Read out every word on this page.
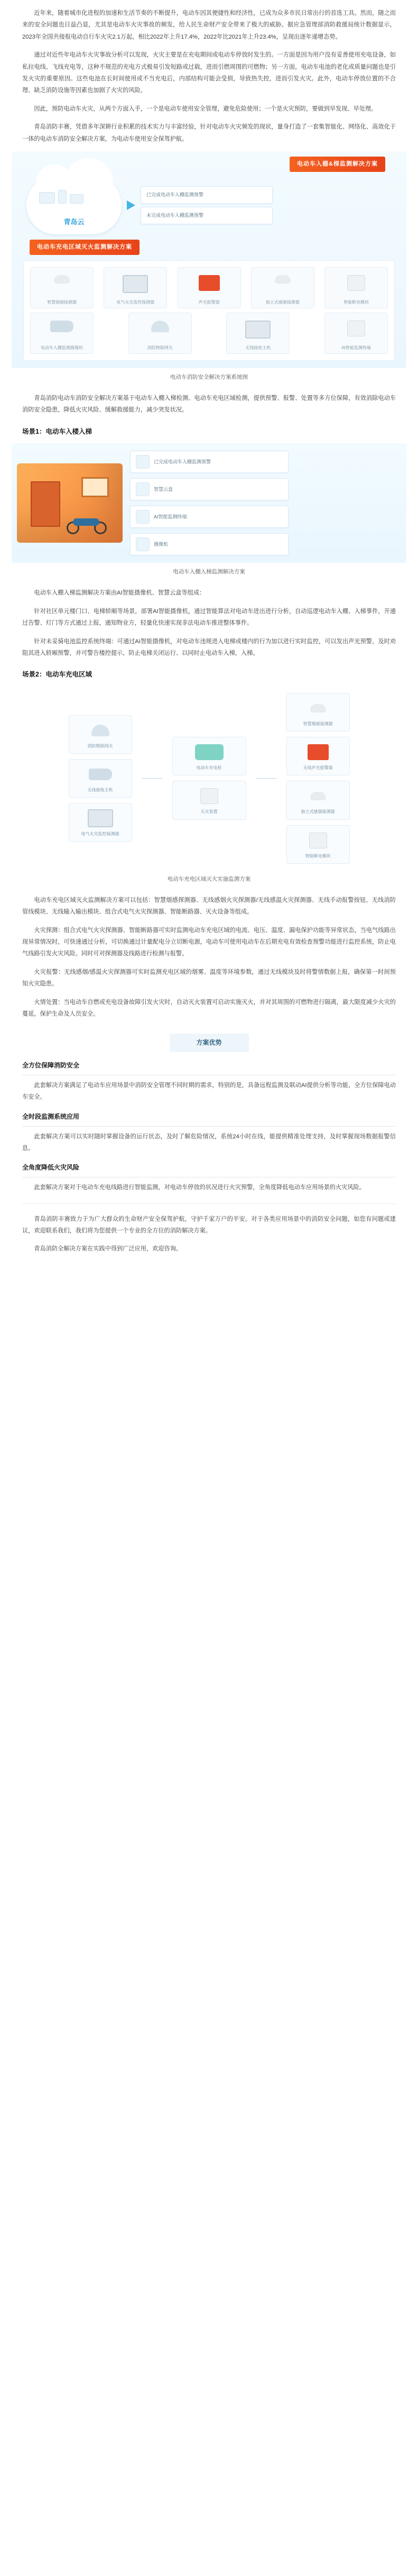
近年来，随着城市化进程的加速和生活节奏的不断提升，电动车因其便捷性和经济性，已成为众多市民日常出行的首选工具。然而，随之而来的安全问题也日益凸显，尤其是电动车火灾事故的频发，给人民生命财产安全带来了极大的威胁。据应急管理部消防救援局统计数据显示，2023年全国共接报电动自行车火灾2.1万起，相比2022年上升17.4%，2022年比2021年上升23.4%，呈现出逐年递增态势。

通过对近些年电动车火灾事故分析可以发现，火灾主要是在充电期间或电动车停放时发生的。一方面是因为用户没有妥善使用充电设备，如私拉电线、飞线充电等，这种不规范的充电方式极易引发短路或过载，进而引燃周围的可燃物；另一方面，电动车电池的老化或质量问题也是引发火灾的重要原因。这些电池在长时间使用或不当充电后，内部结构可能会受损，导致热失控，进而引发火灾。此外，电动车停放位置的不合理、缺乏消防设施等因素也加剧了火灾的风险。

因此，预防电动车火灾，从两个方面入手，一个是电动车使用安全管理，避免危险使用；一个是火灾预防，要做到早发现、早处理。

青岛消防丰赛，凭借多年深耕行业积累的技术实力与丰富经验，针对电动车火灾频发的现状，量身打造了一套集智能化、网络化、高效化于一体的电动车消防安全解决方案，为电动车使用安全保驾护航。

电动车入棚&梯监测解决方案
青岛云
已完成电动车入棚监测预警
未完成电动车入棚监测预警
电动车充电区域灭火监测解决方案
智慧烟感探测器	电气火灾监控探测器	声光报警器	独立式感烟探测器	智能断电模块
电动车入棚监测摄像机	消防物联网关	无线接收主机	AI智能监测终端
电动车消防安全解决方案系统图

青岛消防电动车消防安全解决方案基于电动车入棚入梯检测、电动车充电区域检测，提供预警、报警、处置等多方位保障，有效消除电动车消防安全隐患，降低火灾风险、缓解救援能力，减少突发状况。

场景1：电动车入楼入梯
已完成电动车入棚监测预警
智慧云盒
AI智能监测终端
摄像机
电动车入棚入梯监测解决方案

电动车入棚入梯监测解决方案由AI智能摄像机、智慧云盒等组成：

针对社区单元楼门口、电梯轿厢等场景，部署AI智能摄像机，通过智能算法对电动车进出进行分析，自动巡逻电动车入棚、入梯事件，开通过告警、灯门等方式通过上报，通知物业方，轻量化快速实现非法电动车推进整体事件。

针对未妥骑电池监控系统终端：可通过AI智能摄像机，对电动车违规进入电梯或楼内的行为加以进行实时监控，可以发出声光预警，及时劝阻其进入轿厢预警，并可警告楼控提示，防止电梯关闭运行、以同时止电动车入梯，入梯。

场景2：电动车充电区域
消防物联网关
无线接收主机
电气火灾监控探测器
电动车充电桩
灭火装置
智慧烟感探测器
无线声光报警器
独立式感烟探测器
智能断电模块
电动车充电区域灭火实施监测方案

电动车充电区域灭火监测解决方案可以包括：智慧烟感探测器、无线感烟火灾探测器/无线感温火灾探测器、无线手动报警按钮、无线消防管线模块、无线输入输出模块、组合式电气火灾探测器、智能断路器、灭火设备等组成。

火灾探测：组合式电气火灾探测器、智能断路器可实时监测电动车充电区域的电流、电压、温度、漏电保护功能等异常状态，当电气线路出现异常情况时，可快速通过分析，可切换通过计量配电分立切断电源，电动车可使用电动车在后期充电有效检查预警功能进行监控系统，防止电气线路引发火灾风险。同时可对探测器及线路进行检测与报警。

火灾报警：无线感烟/感温火灾探测器可实时监测充电区域的烟雾、温度等环境参数，通过无线模块及时将警情数据上报，确保第一时间预知火灾隐患。

火情处置：当电动车自燃或充电设备故障引发火灾时，自动灭火装置可启动实施灭火，并对其周围的可燃物进行隔离，最大限度减少火灾的蔓延，保护生命及人员安全。

方案优势
全方位保障消防安全

此套解决方案满足了电动车应用场景中消防安全管理不同时期的需求，特别的是，具备远程监测及联动AI提供分析等功能，全方位保障电动车安全。

全时段监测系统应用

此套解决方案可以实时随时掌握设备的运行状态，及时了解危险情况，系统24小时在线，能提供精准处理支持，及时掌握现场数据报警信息。

全角度降低火灾风险

此套解决方案对于电动车充电线路进行智能监测，对电动车停放的状况进行火灾预警，全角度降低电动车应用场景的火灾风险。

青岛消防丰赛致力于为广大群众的生命财产安全保驾护航，守护千家万户的平安。对于各类应用场景中的消防安全问题，如您有问题或建议，欢迎联系我们，我们将为您提供一个专业的全方位的消防解决方案。

青岛消防全解决方案在实践中得到广泛应用，欢迎咨询。
